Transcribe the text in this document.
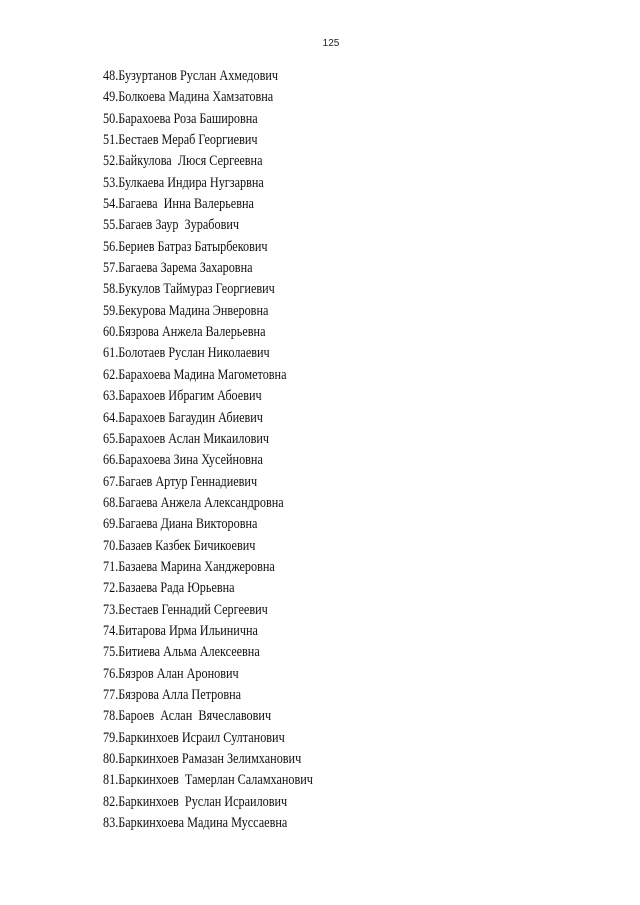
125
48.Бузуртанов Руслан Ахмедович
49.Болкоева Мадина Хамзатовна
50.Барахоева Роза Башировна
51.Бестаев Мераб Георгиевич
52.Байкулова  Люся Сергеевна
53.Булкаева Индира Нугзарвна
54.Багаева  Инна Валерьевна
55.Багаев Заур  Зурабович
56.Бериев Батраз Батырбекович
57.Багаева Зарема Захаровна
58.Букулов Таймураз Георгиевич
59.Бекурова Мадина Энверовна
60.Бязрова Анжела Валерьевна
61.Болотаев Руслан Николаевич
62.Барахоева Мадина Магометовна
63.Барахоев Ибрагим Абоевич
64.Барахоев Багаудин Абиевич
65.Барахоев Аслан Микаилович
66.Барахоева Зина Хусейновна
67.Багаев Артур Геннадиевич
68.Багаева Анжела Александровна
69.Багаева Диана Викторовна
70.Базаев Казбек Бичикоевич
71.Базаева Марина Ханджеровна
72.Базаева Рада Юрьевна
73.Бестаев Геннадий Сергеевич
74.Битарова Ирма Ильинична
75.Битиева Альма Алексеевна
76.Бязров Алан Аронович
77.Бязрова Алла Петровна
78.Бароев  Аслан  Вячеславович
79.Баркинхоев Исраил Султанович
80.Баркинхоев Рамазан Зелимханович
81.Баркинхоев  Тамерлан Саламханович
82.Баркинхоев  Руслан Исраилович
83.Баркинхоева Мадина Муссаевна
